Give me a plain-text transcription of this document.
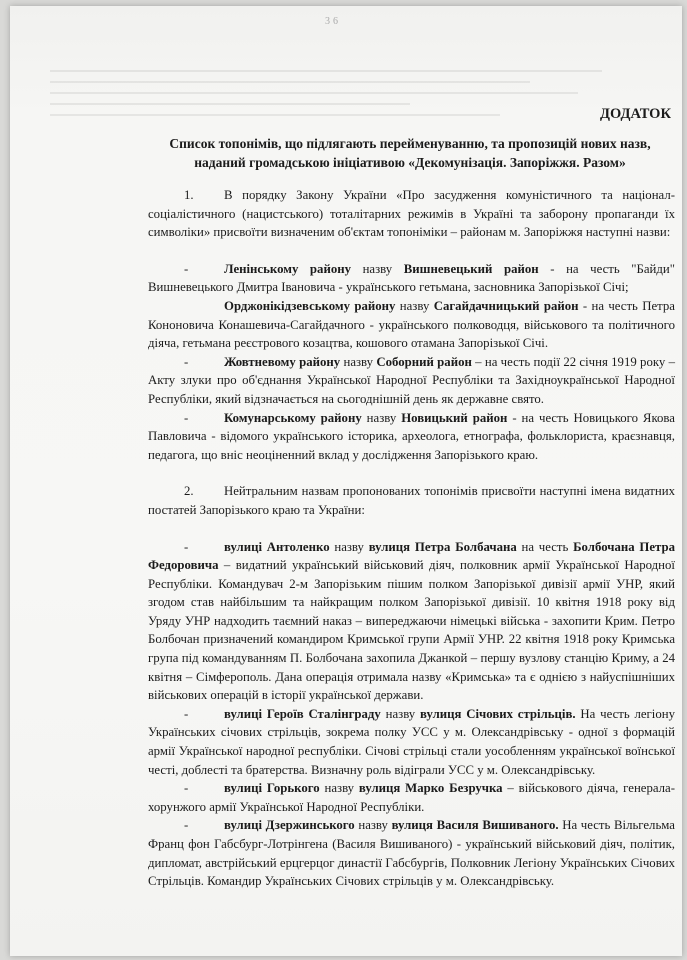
36
ДОДАТОК
Список топонімів, що підлягають перейменуванню, та пропозицій нових назв,
наданий громадською ініціативою «Декомунізація. Запоріжжя. Разом»

1. В порядку Закону України «Про засудження комуністичного та націонал-соціалістичного (нацистського) тоталітарних режимів в Україні та заборону пропаганди їх символіки» присвоїти визначеним об'єктам топоніміки – районам м. Запоріжжя наступні назви:

-	Ленінському району назву Вишневецький район - на честь "Байди" Вишневецького Дмитра Івановича - українського гетьмана, засновника Запорізької Січі;

Орджонікідзевському району назву Сагайдачницький район - на честь Петра Кононовича Конашевича-Сагайдачного - українського полководця, військового та політичного діяча, гетьмана реєстрового козацтва, кошового отамана Запорізької Січі.

-	Жовтневому району назву Соборний район – на честь події 22 січня 1919 року – Акту злуки про об'єднання Української Народної Республіки та Західноукраїнської Народної Республіки, який відзначається на сьогоднішній день як державне свято.

-	Комунарському району назву Новицький район - на честь Новицького Якова Павловича - відомого українського історика, археолога, етнографа, фольклориста, краєзнавця, педагога, що вніс неоціненний вклад у дослідження Запорізького краю.

2. Нейтральним назвам пропонованих топонімів присвоїти наступні імена видатних постатей Запорізького краю та України:

-	вулиці Антоленко назву вулиця Петра Болбачана на честь Болбочана Петра Федоровича – видатний український військовий діяч, полковник армії Української Народної Республіки. Командувач 2-м Запорізьким пішим полком Запорізької дивізії армії УНР, який згодом став найбільшим та найкращим полком Запорізької дивізії. 10 квітня 1918 року від Уряду УНР надходить таємний наказ – випереджаючи німецькі війська - захопити Крим. Петро Болбочан призначений командиром Кримської групи Армії УНР. 22 квітня 1918 року Кримська група під командуванням П. Болбочана захопила Джанкой – першу вузлову станцію Криму, а 24 квітня – Сімферополь. Дана операція отримала назву «Кримська» та є однією з найуспішніших військових операцій в історії української держави.

-	вулиці Героїв Сталінграду назву вулиця Січових стрільців. На честь легіону Українських січових стрільців, зокрема полку УСС у м. Олександрівську - одної з формацій армії Української народної республіки. Січові стрільці стали уособленням української воїнської честі, доблесті та братерства. Визначну роль відіграли УСС у м. Олександрівську.

-	вулиці Горького назву вулиця Марко Безручка – військового діяча, генерала-хорунжого армії Української Народної Республіки.

-	вулиці Дзержинського назву вулиця Василя Вишиваного. На честь Вільгельма Франц фон Габсбург-Лотрінгена (Василя Вишиваного) - український військовий діяч, політик, дипломат, австрійський ерцгерцог династії Габсбургів, Полковник Легіону Українських Січових Стрільців. Командир Українських Січових стрільців у м. Олександрівську.
